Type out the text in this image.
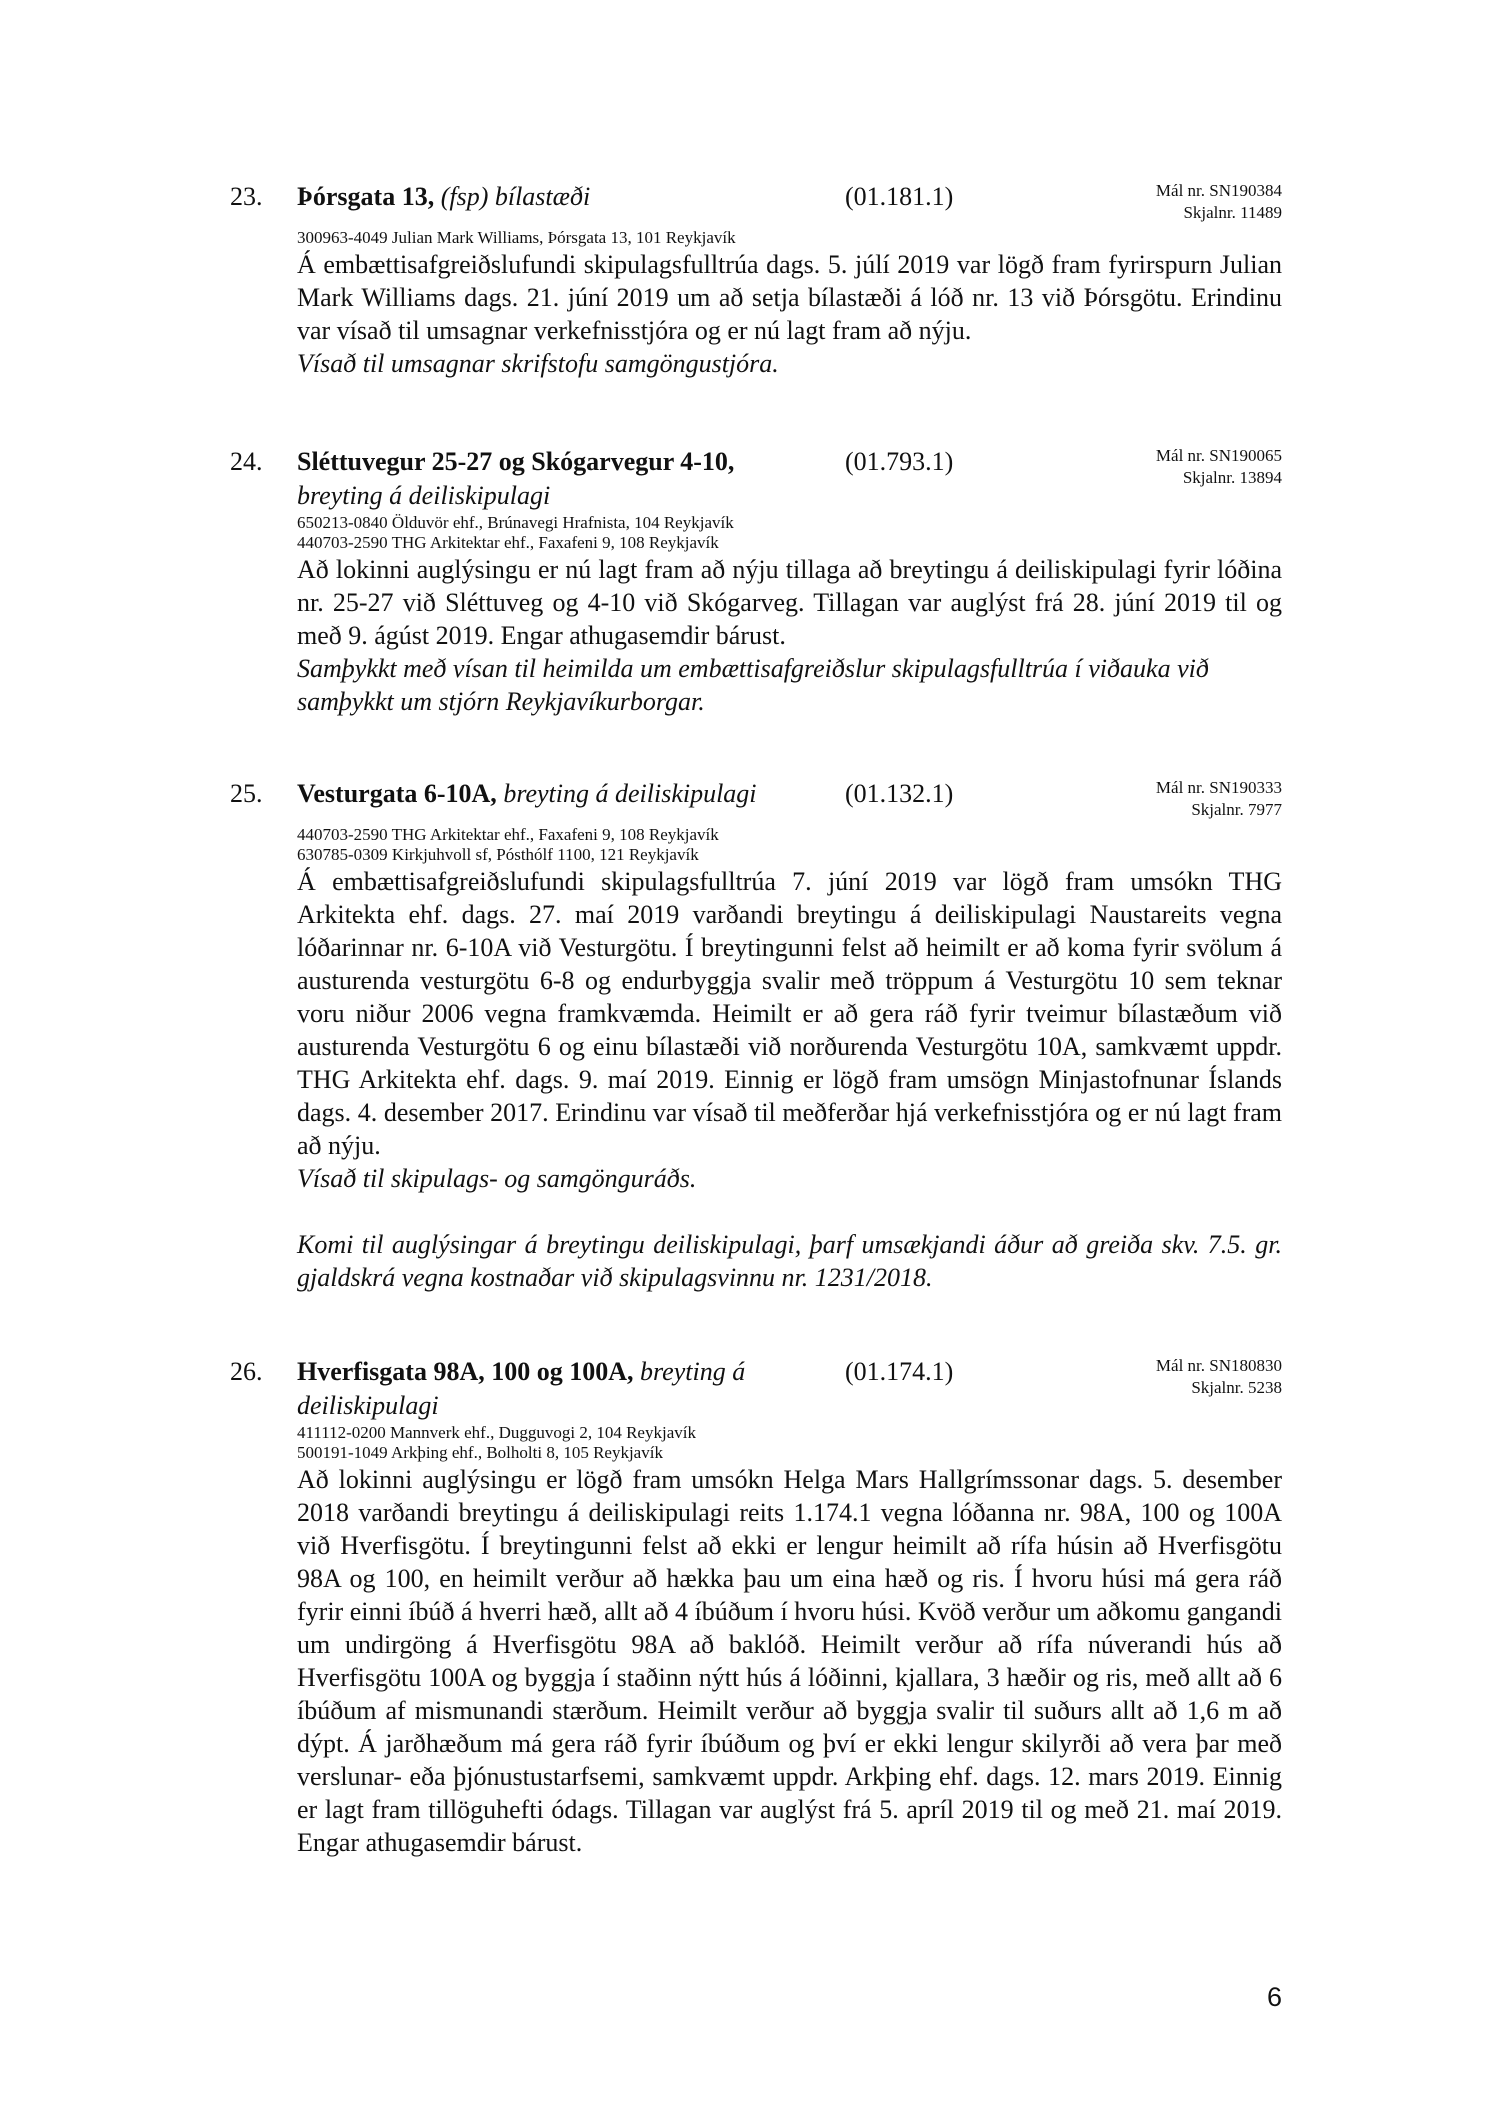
23. Þórsgata 13, (fsp) bílastæði	(01.181.1)	Mál nr. SN190384
Skjalnr. 11489
300963-4049 Julian Mark Williams, Þórsgata 13, 101 Reykjavík

Á embættisafgreiðslufundi skipulagsfulltrúa dags. 5. júlí 2019 var lögð fram fyrirspurn Julian Mark Williams dags. 21. júní 2019 um að setja bílastæði á lóð nr. 13 við Þórsgötu. Erindinu var vísað til umsagnar verkefnisstjóra og er nú lagt fram að nýju.

Vísað til umsagnar skrifstofu samgöngustjóra.

24. Sléttuvegur 25-27 og Skógarvegur 4-10,
breyting á deiliskipulagi
(01.793.1)	Mál nr. SN190065
Skjalnr. 13894
650213-0840 Ölduvör ehf., Brúnavegi Hrafnista, 104 Reykjavík
440703-2590 THG Arkitektar ehf., Faxafeni 9, 108 Reykjavík

Að lokinni auglýsingu er nú lagt fram að nýju tillaga að breytingu á deiliskipulagi fyrir lóðina nr. 25-27 við Sléttuveg og 4-10 við Skógarveg. Tillagan var auglýst frá 28. júní 2019 til og með 9. ágúst 2019. Engar athugasemdir bárust.

Samþykkt með vísan til heimilda um embættisafgreiðslur skipulagsfulltrúa í viðauka við samþykkt um stjórn Reykjavíkurborgar.

25. Vesturgata 6-10A, breyting á deiliskipulagi	(01.132.1)	Mál nr. SN190333
Skjalnr. 7977
440703-2590 THG Arkitektar ehf., Faxafeni 9, 108 Reykjavík
630785-0309 Kirkjuhvoll sf, Pósthólf 1100, 121 Reykjavík

Á embættisafgreiðslufundi skipulagsfulltrúa 7. júní 2019 var lögð fram umsókn THG Arkitekta ehf. dags. 27. maí 2019 varðandi breytingu á deiliskipulagi Naustareits vegna lóðarinnar nr. 6-10A við Vesturgötu. Í breytingunni felst að heimilt er að koma fyrir svölum á austurenda vesturgötu 6-8 og endurbyggja svalir með tröppum á Vesturgötu 10 sem teknar voru niður 2006 vegna framkvæmda. Heimilt er að gera ráð fyrir tveimur bílastæðum við austurenda Vesturgötu 6 og einu bílastæði við norðurenda Vesturgötu 10A, samkvæmt uppdr. THG Arkitekta ehf. dags. 9. maí 2019. Einnig er lögð fram umsögn Minjastofnunar Íslands dags. 4. desember 2017. Erindinu var vísað til meðferðar hjá verkefnisstjóra og er nú lagt fram að nýju.

Vísað til skipulags- og samgönguráðs.

Komi til auglýsingar á breytingu deiliskipulagi, þarf umsækjandi áður að greiða skv. 7.5. gr. gjaldskrá vegna kostnaðar við skipulagsvinnu nr. 1231/2018.

26. Hverfisgata 98A, 100 og 100A, breyting á deiliskipulagi
(01.174.1)	Mál nr. SN180830
Skjalnr. 5238
411112-0200 Mannverk ehf., Dugguvogi 2, 104 Reykjavík
500191-1049 Arkþing ehf., Bolholti 8, 105 Reykjavík

Að lokinni auglýsingu er lögð fram umsókn Helga Mars Hallgrímssonar dags. 5. desember 2018 varðandi breytingu á deiliskipulagi reits 1.174.1 vegna lóðanna nr. 98A, 100 og 100A við Hverfisgötu. Í breytingunni felst að ekki er lengur heimilt að rífa húsin að Hverfisgötu 98A og 100, en heimilt verður að hækka þau um eina hæð og ris. Í hvoru húsi má gera ráð fyrir einni íbúð á hverri hæð, allt að 4 íbúðum í hvoru húsi. Kvöð verður um aðkomu gangandi um undirgöng á Hverfisgötu 98A að baklóð. Heimilt verður að rífa núverandi hús að Hverfisgötu 100A og byggja í staðinn nýtt hús á lóðinni, kjallara, 3 hæðir og ris, með allt að 6 íbúðum af mismunandi stærðum. Heimilt verður að byggja svalir til suðurs allt að 1,6 m að dýpt. Á jarðhæðum má gera ráð fyrir íbúðum og því er ekki lengur skilyrði að vera þar með verslunar- eða þjónustustarfsemi, samkvæmt uppdr. Arkþing ehf. dags. 12. mars 2019. Einnig er lagt fram tillöguhefti ódags. Tillagan var auglýst frá 5. apríl 2019 til og með 21. maí 2019. Engar athugasemdir bárust.

6
